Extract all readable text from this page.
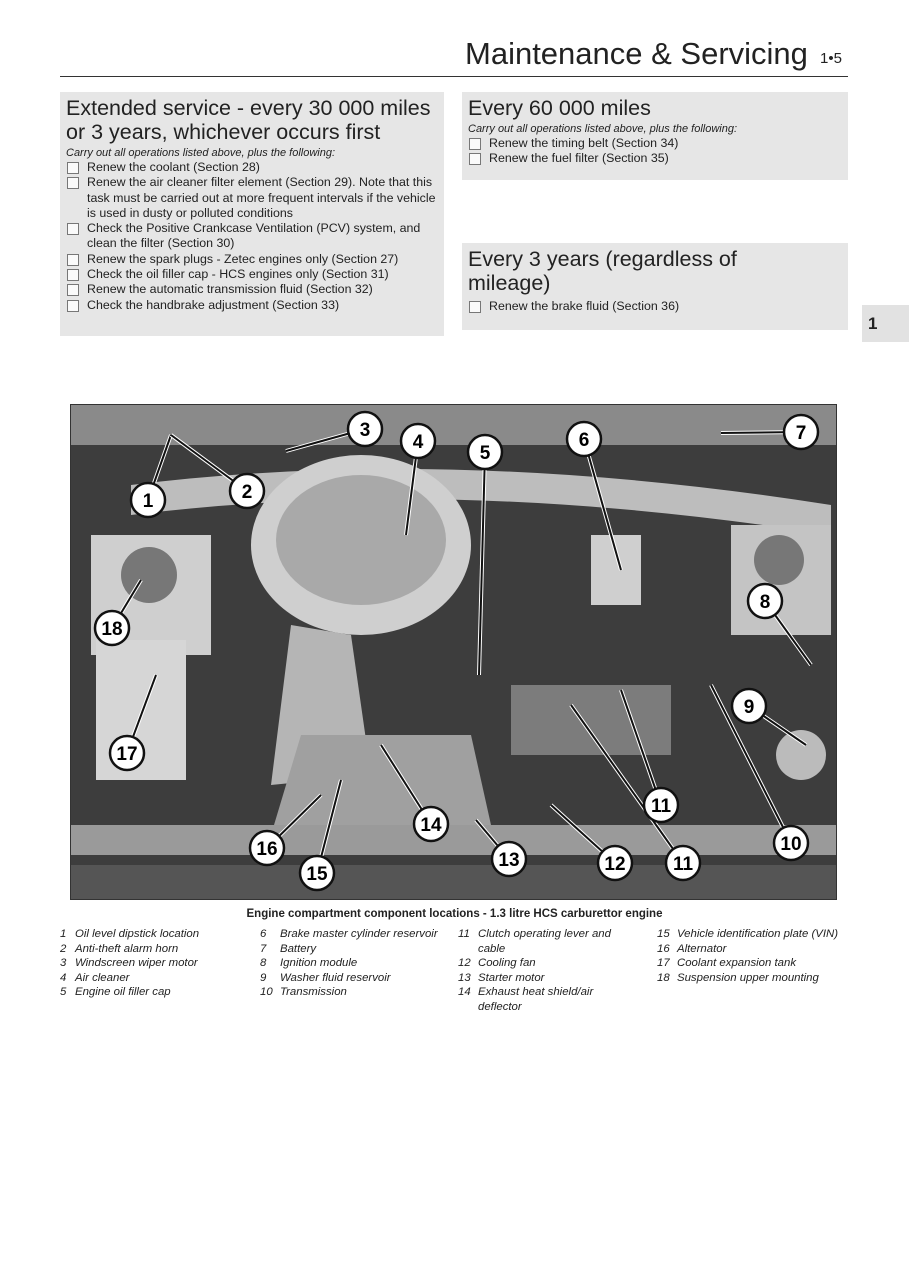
Maintenance & Servicing 1•5
Extended service - every 30 000 miles or 3 years, whichever occurs first
Carry out all operations listed above, plus the following:
Renew the coolant (Section 28)
Renew the air cleaner filter element (Section 29). Note that this task must be carried out at more frequent intervals if the vehicle is used in dusty or polluted conditions
Check the Positive Crankcase Ventilation (PCV) system, and clean the filter (Section 30)
Renew the spark plugs - Zetec engines only (Section 27)
Check the oil filler cap - HCS engines only (Section 31)
Renew the automatic transmission fluid (Section 32)
Check the handbrake adjustment (Section 33)
Every 60 000 miles
Carry out all operations listed above, plus the following:
Renew the timing belt (Section 34)
Renew the fuel filter (Section 35)
Every 3 years (regardless of mileage)
Renew the brake fluid (Section 36)
1
1	2
3
4
5
6	7
8
9
10
11
11
12
13
14
15
16
17
18
Engine compartment component locations - 1.3 litre HCS carburettor engine
1 Oil level dipstick location
2 Anti-theft alarm horn
3 Windscreen wiper motor
4 Air cleaner
5 Engine oil filler cap
6 Brake master cylinder reservoir
7 Battery
8 Ignition module
9 Washer fluid reservoir
10 Transmission
11 Clutch operating lever and cable
12 Cooling fan
13 Starter motor
14 Exhaust heat shield/air deflector
15 Vehicle identification plate (VIN)
16 Alternator
17 Coolant expansion tank
18 Suspension upper mounting
